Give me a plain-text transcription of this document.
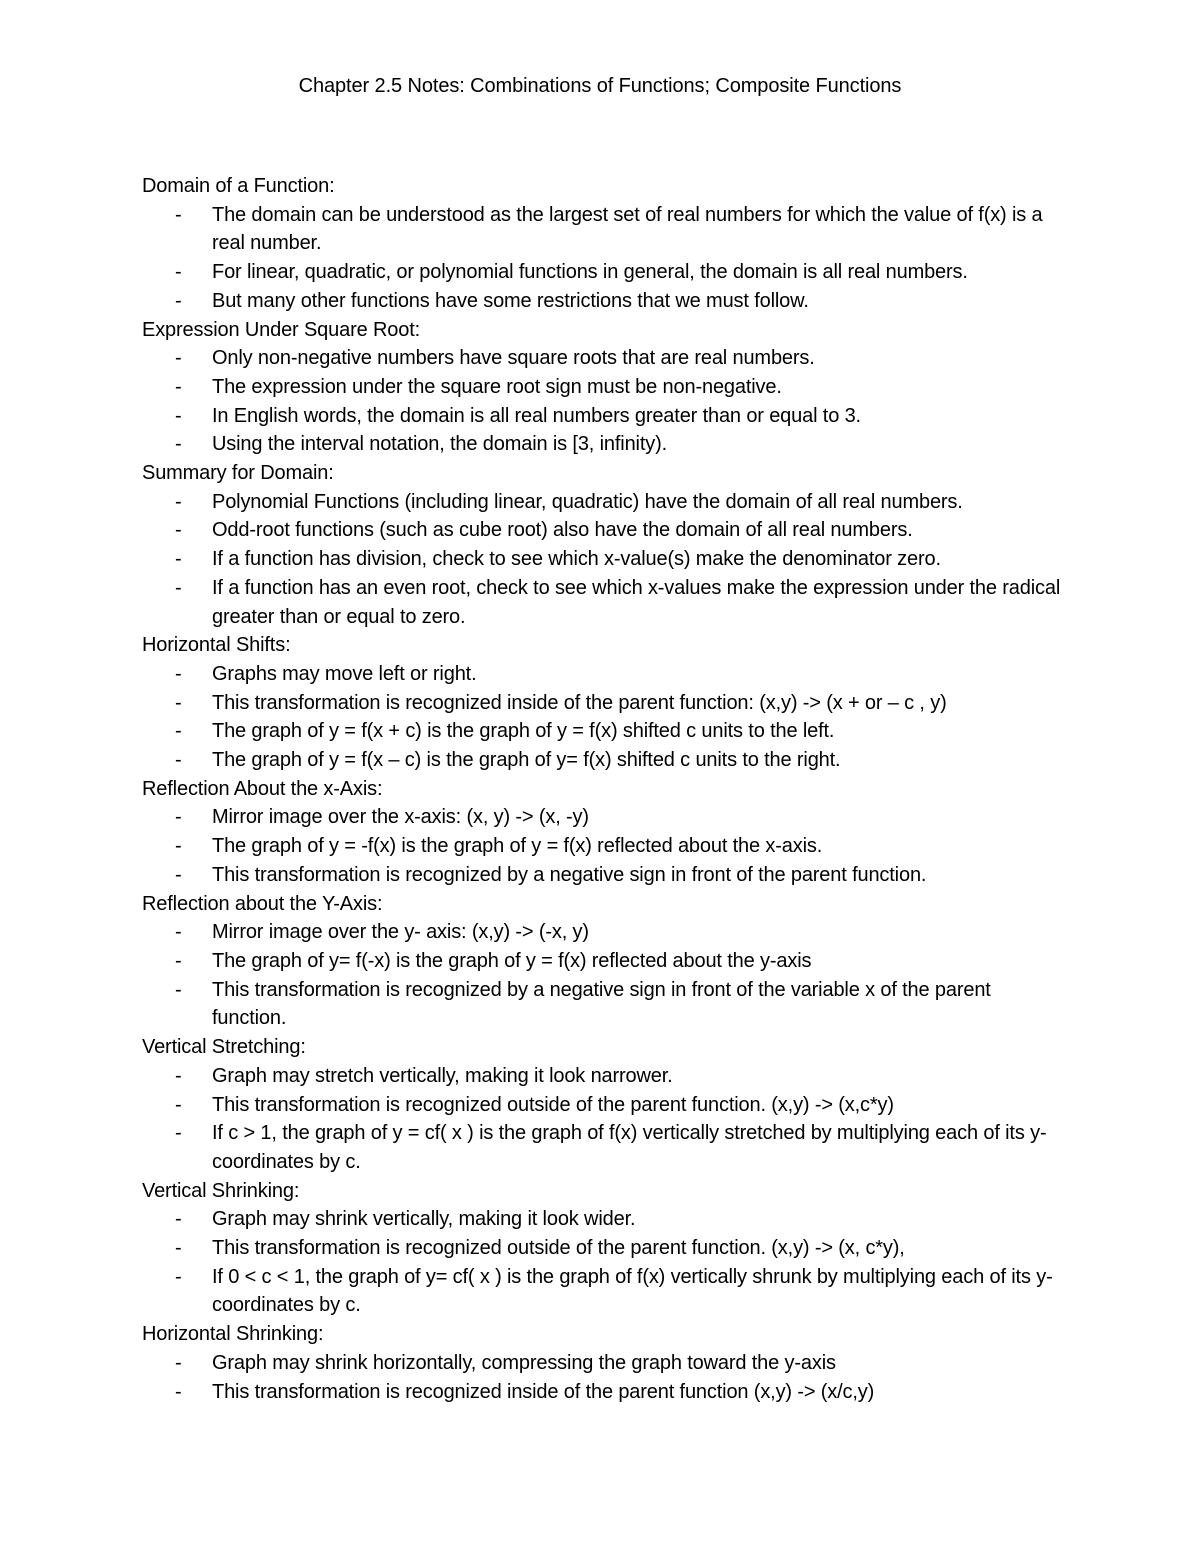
Chapter 2.5 Notes: Combinations of Functions; Composite Functions
Domain of a Function:
- The domain can be understood as the largest set of real numbers for which the value of f(x) is a real number.
- For linear, quadratic, or polynomial functions in general, the domain is all real numbers.
- But many other functions have some restrictions that we must follow.
Expression Under Square Root:
- Only non-negative numbers have square roots that are real numbers.
- The expression under the square root sign must be non-negative.
- In English words, the domain is all real numbers greater than or equal to 3.
- Using the interval notation, the domain is [3, infinity).
Summary for Domain:
- Polynomial Functions (including linear, quadratic) have the domain of all real numbers.
- Odd-root functions (such as cube root) also have the domain of all real numbers.
- If a function has division, check to see which x-value(s) make the denominator zero.
- If a function has an even root, check to see which x-values make the expression under the radical greater than or equal to zero.
Horizontal Shifts:
- Graphs may move left or right.
- This transformation is recognized inside of the parent function: (x,y) -> (x + or – c , y)
- The graph of y = f(x + c) is the graph of y = f(x) shifted c units to the left.
- The graph of y = f(x – c) is the graph of y= f(x) shifted c units to the right.
Reflection About the x-Axis:
- Mirror image over the x-axis: (x, y) -> (x, -y)
- The graph of y = -f(x) is the graph of y = f(x) reflected about the x-axis.
- This transformation is recognized by a negative sign in front of the parent function.
Reflection about the Y-Axis:
- Mirror image over the y- axis: (x,y) -> (-x, y)
- The graph of y= f(-x) is the graph of y = f(x) reflected about the y-axis
- This transformation is recognized by a negative sign in front of the variable x of the parent function.
Vertical Stretching:
- Graph may stretch vertically, making it look narrower.
- This transformation is recognized outside of the parent function. (x,y) -> (x,c*y)
- If c > 1, the graph of y = cf( x ) is the graph of f(x) vertically stretched by multiplying each of its y-coordinates by c.
Vertical Shrinking:
- Graph may shrink vertically, making it look wider.
- This transformation is recognized outside of the parent function. (x,y) -> (x, c*y),
- If 0 < c < 1, the graph of y= cf( x ) is the graph of f(x) vertically shrunk by multiplying each of its y-coordinates by c.
Horizontal Shrinking:
- Graph may shrink horizontally, compressing the graph toward the y-axis
- This transformation is recognized inside of the parent function (x,y) -> (x/c,y)
